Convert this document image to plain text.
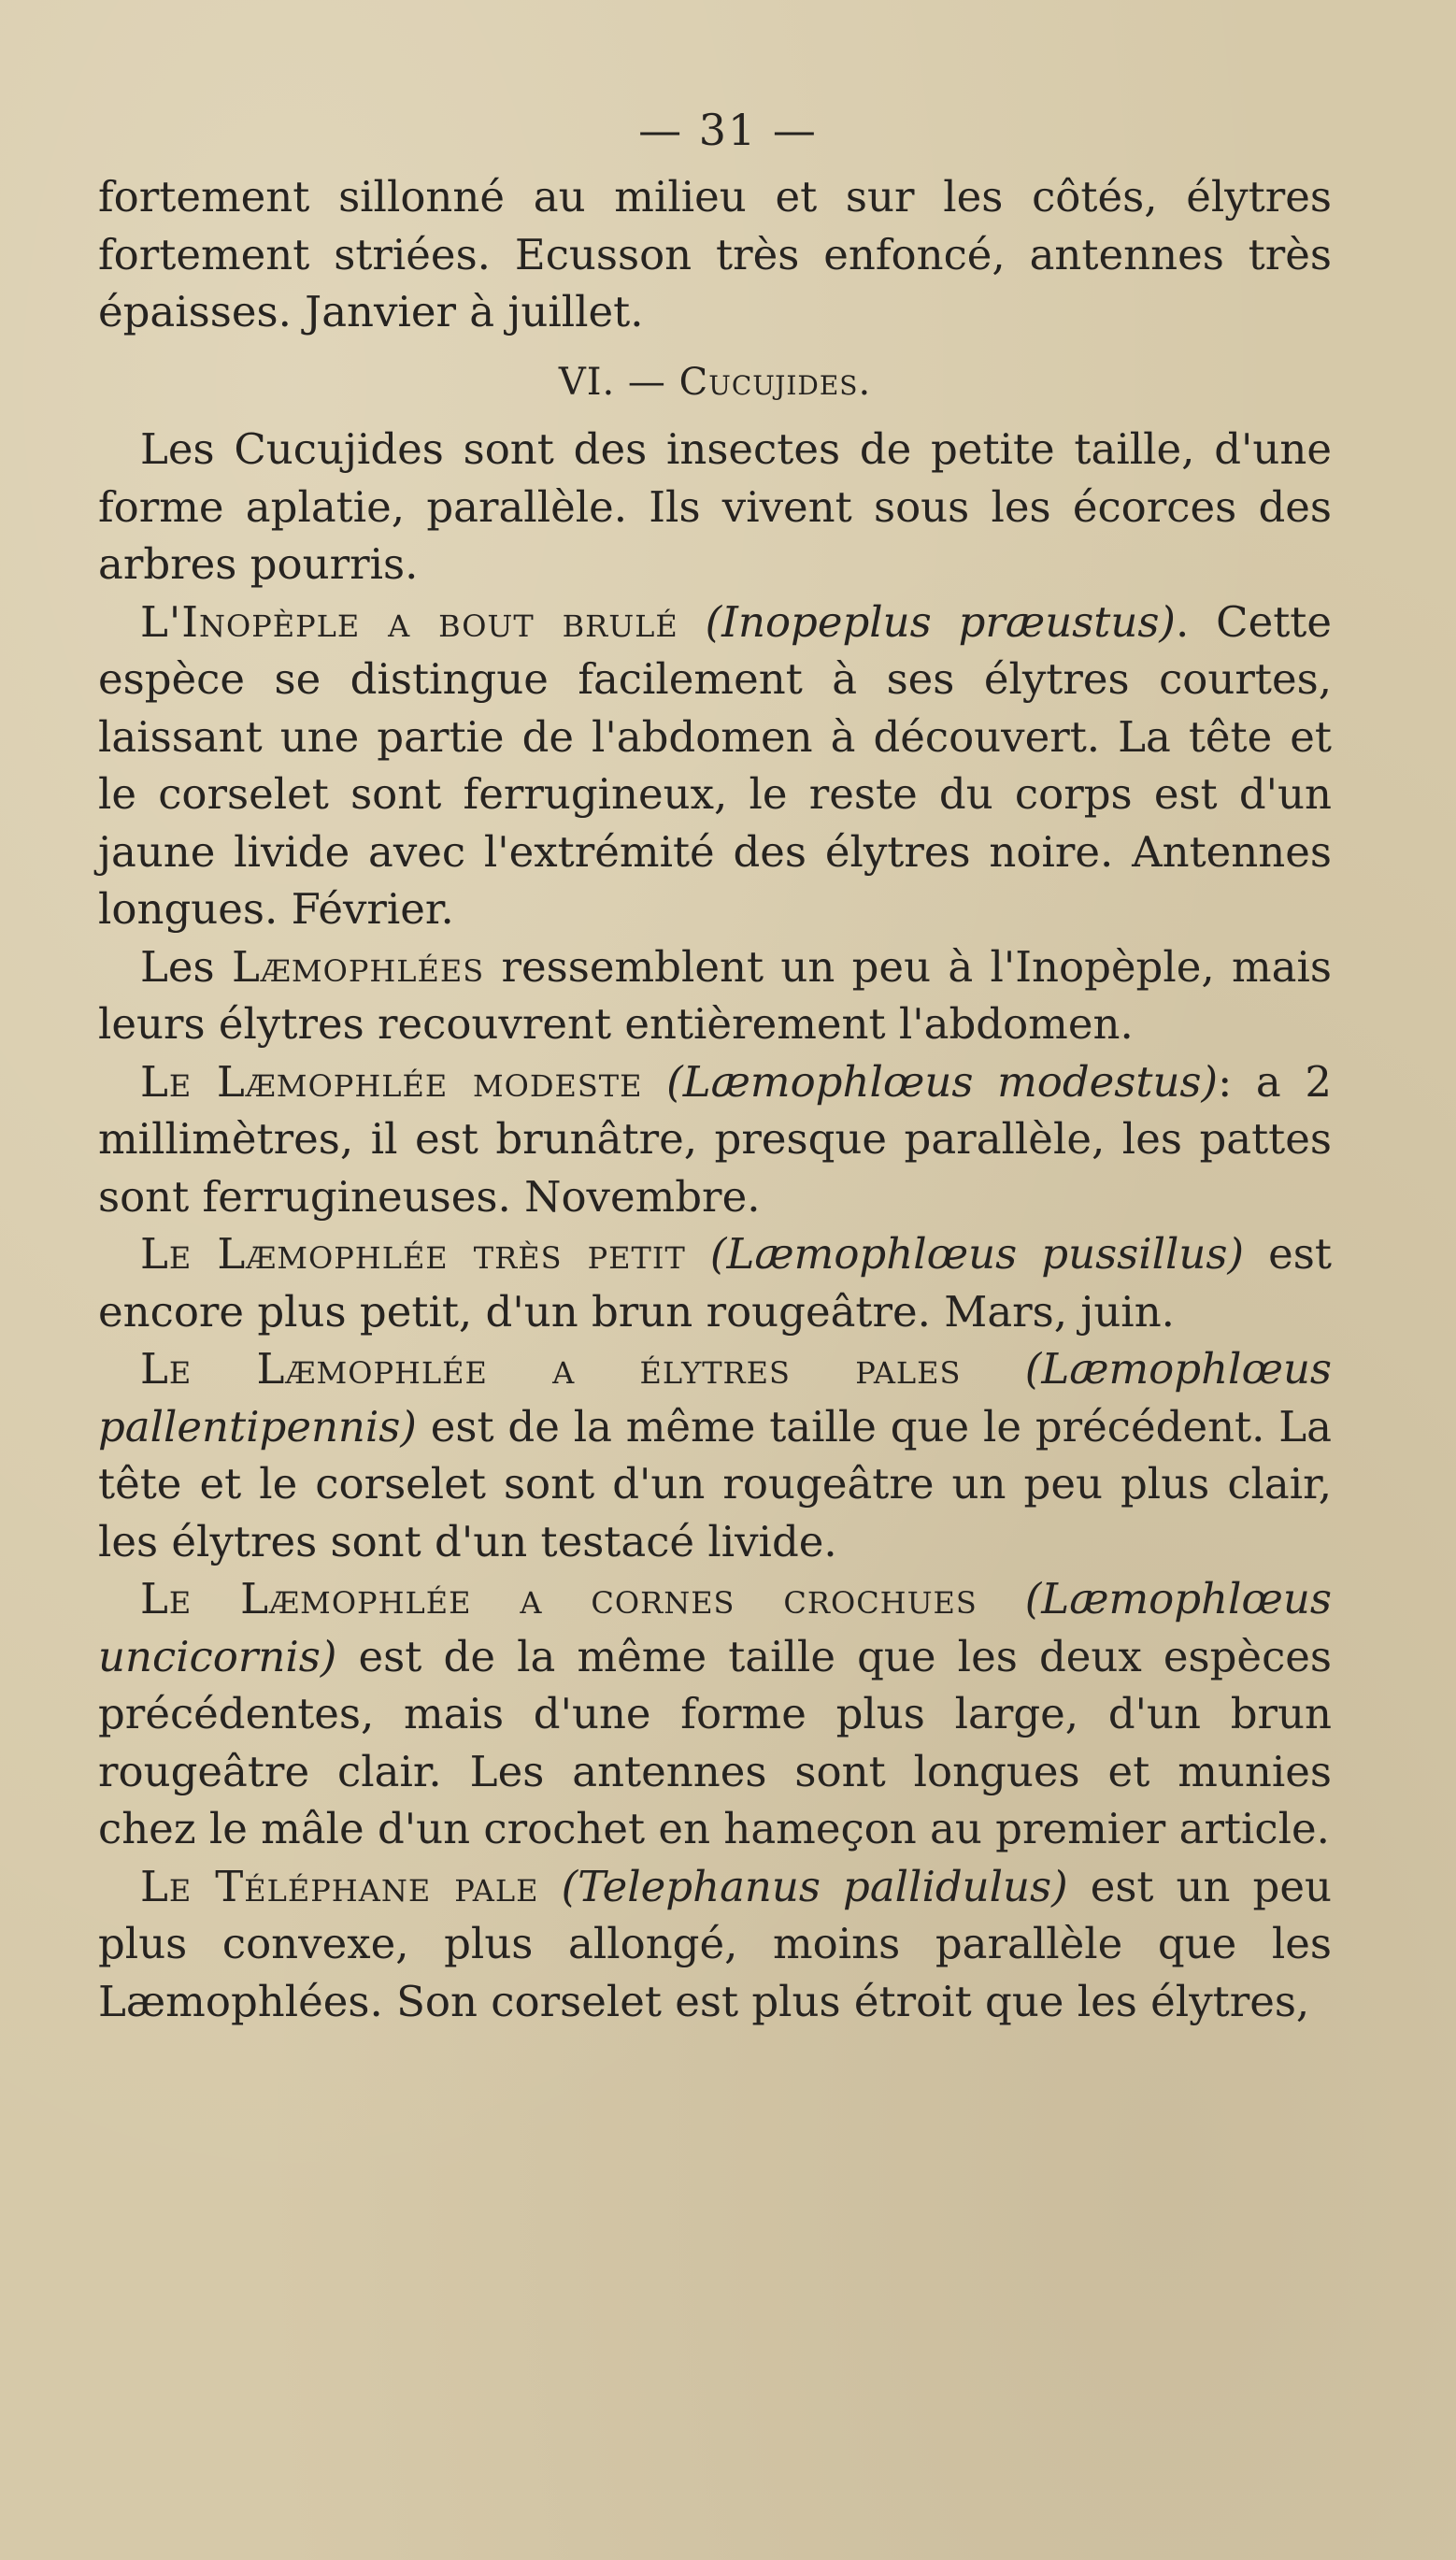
— 31 —

fortement sillonné au milieu et sur les côtés, élytres fortement striées. Ecusson très enfoncé, antennes très épaisses. Janvier à juillet.

VI. — Cucujides.

Les Cucujides sont des insectes de petite taille, d'une forme aplatie, parallèle. Ils vivent sous les écorces des arbres pourris.

L'Inopèple a bout brulé (Inopeplus præustus). Cette espèce se distingue facilement à ses élytres courtes, laissant une partie de l'abdomen à découvert. La tête et le corselet sont ferrugineux, le reste du corps est d'un jaune livide avec l'extrémité des élytres noire. Antennes longues. Février.

Les Læmophlées ressemblent un peu à l'Inopèple, mais leurs élytres recouvrent entièrement l'abdomen.

Le Læmophlée modeste (Læmophlœus modestus): a 2 millimètres, il est brunâtre, presque parallèle, les pattes sont ferrugineuses. Novembre.

Le Læmophlée très petit (Læmophlœus pussillus) est encore plus petit, d'un brun rougeâtre. Mars, juin.

Le Læmophlée a élytres pales (Læmophlœus pallentipennis) est de la même taille que le précédent. La tête et le corselet sont d'un rougeâtre un peu plus clair, les élytres sont d'un testacé livide.

Le Læmophlée a cornes crochues (Læmophlœus uncicornis) est de la même taille que les deux espèces précédentes, mais d'une forme plus large, d'un brun rougeâtre clair. Les antennes sont longues et munies chez le mâle d'un crochet en hameçon au premier article.

Le Téléphane pale (Telephanus pallidulus) est un peu plus convexe, plus allongé, moins parallèle que les Læmophlées. Son corselet est plus étroit que les élytres,
